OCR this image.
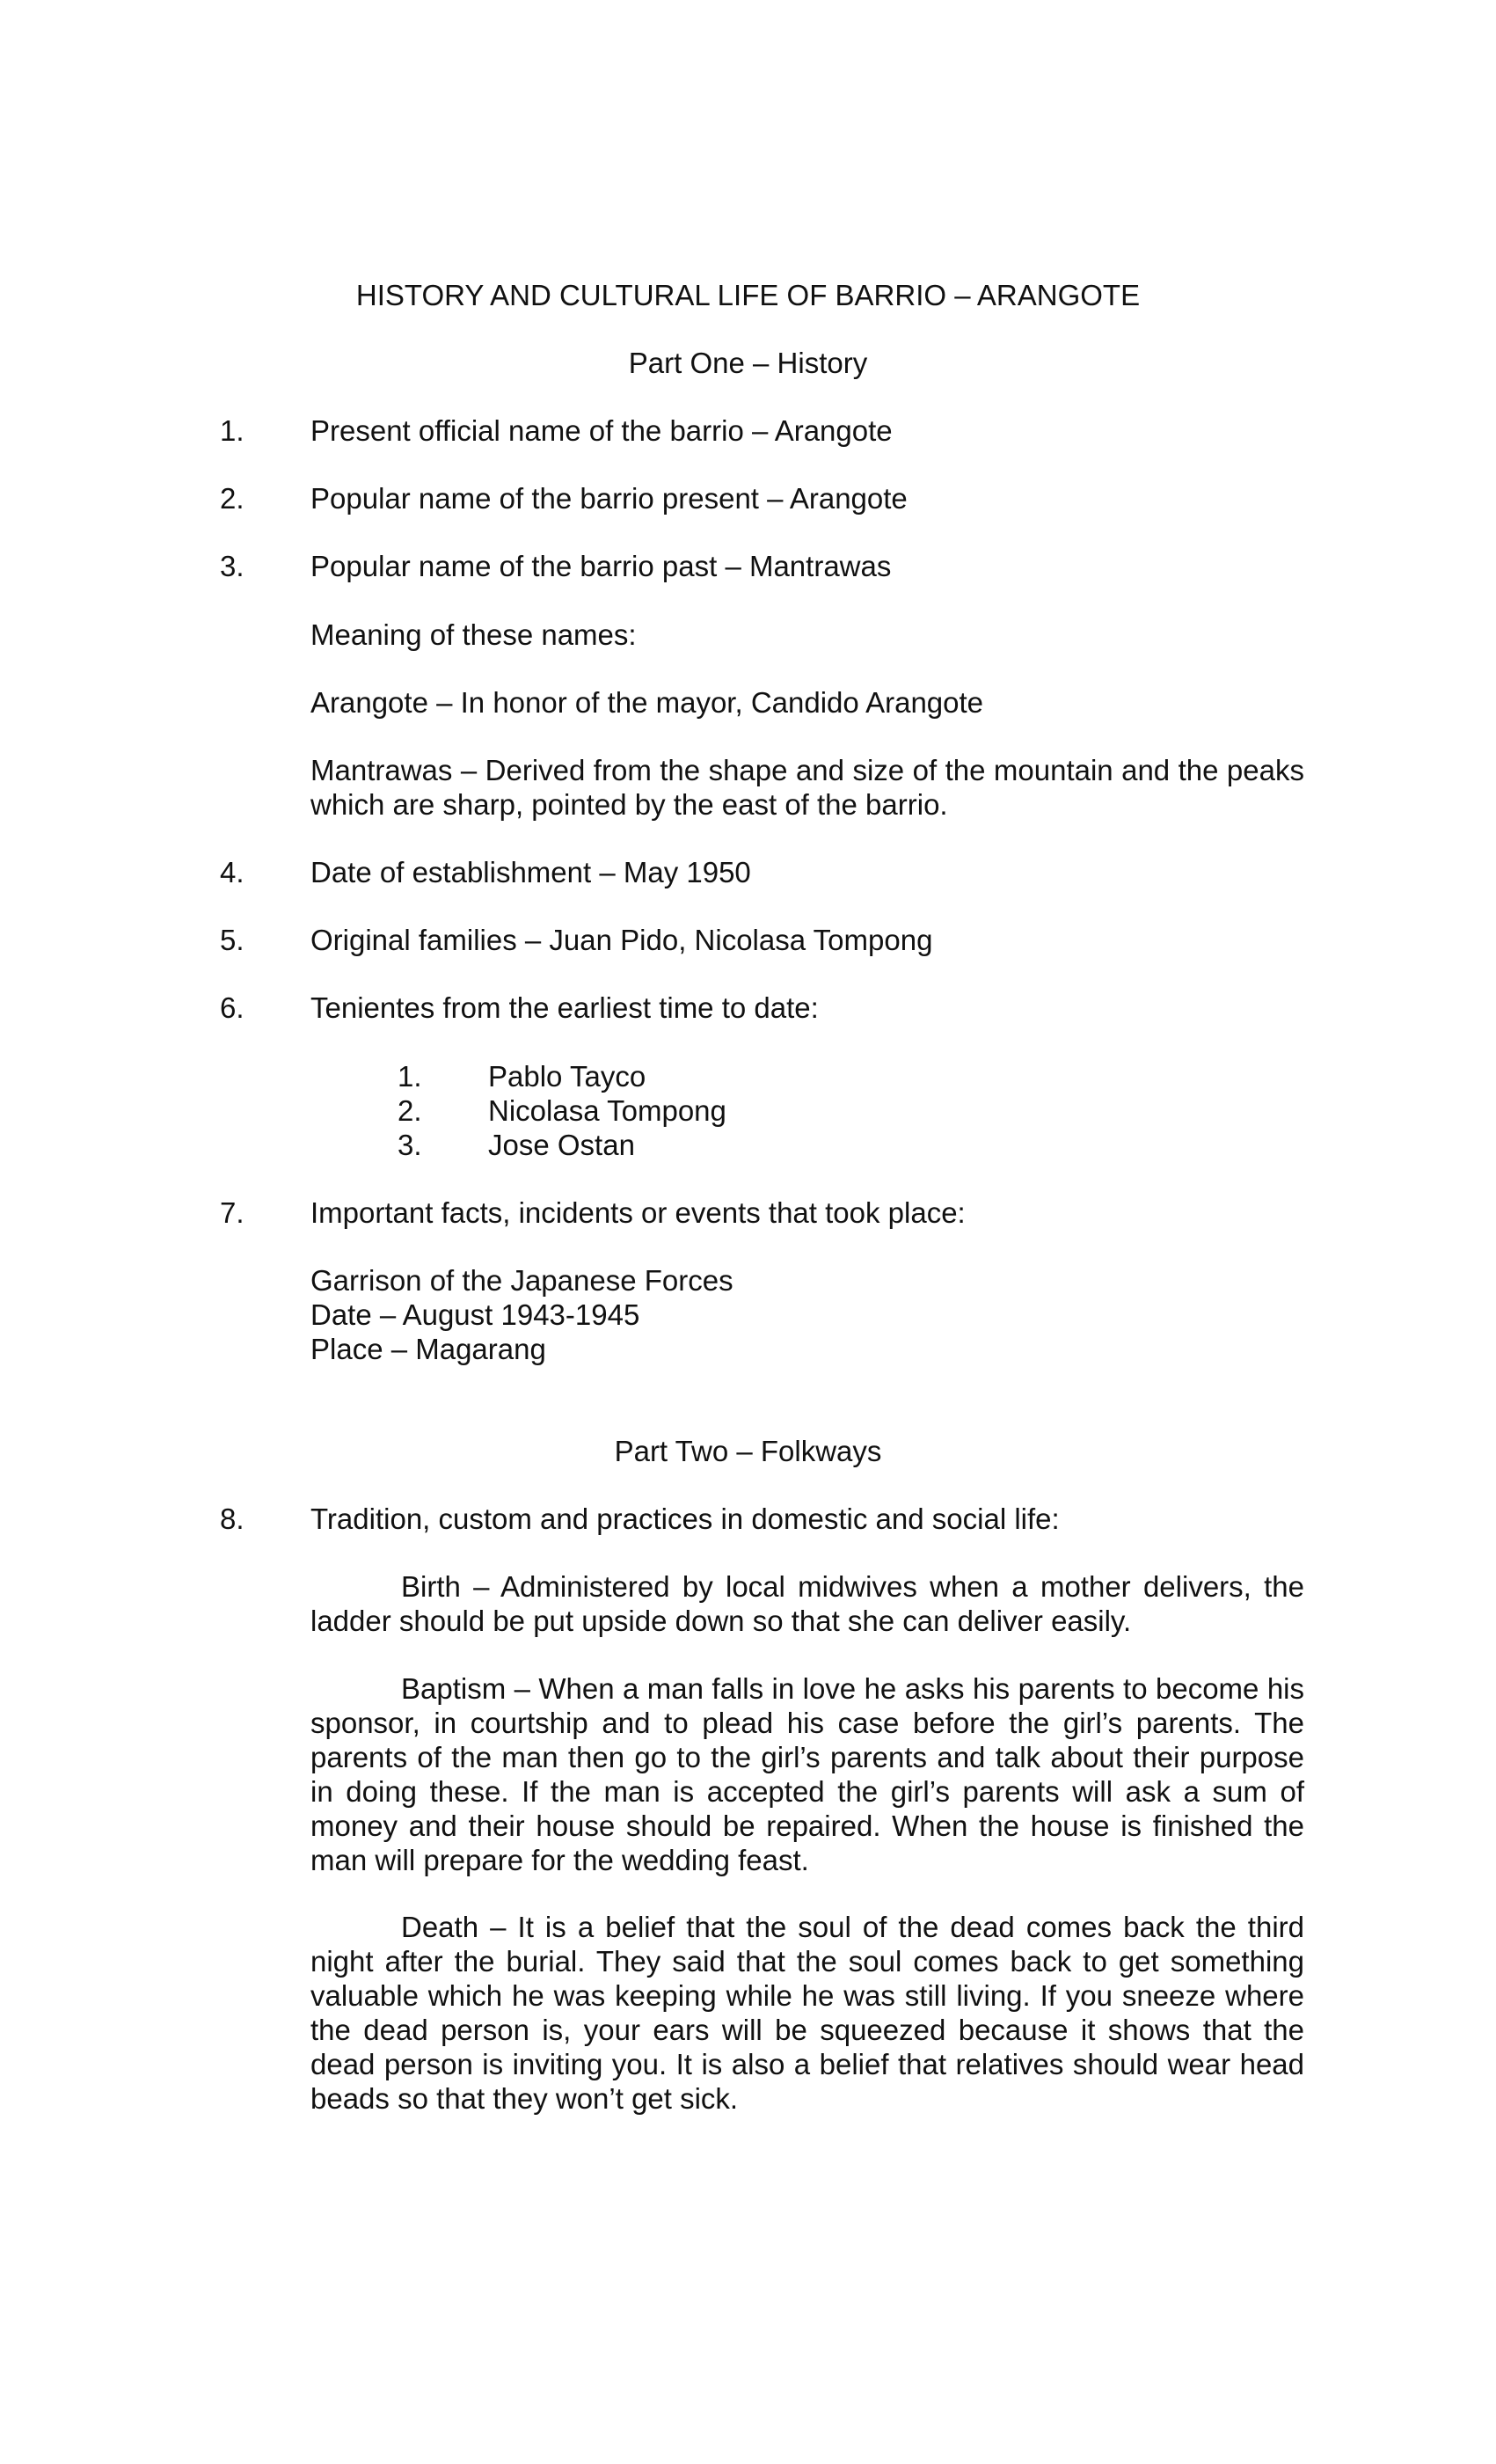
HISTORY AND CULTURAL LIFE OF BARRIO – ARANGOTE
Part One – History
1. Present official name of the barrio – Arangote
2. Popular name of the barrio present – Arangote
3. Popular name of the barrio past – Mantrawas
Meaning of these names:
Arangote – In honor of the mayor, Candido Arangote
Mantrawas – Derived from the shape and size of the mountain and the peaks which are sharp, pointed by the east of the barrio.
4. Date of establishment – May 1950
5. Original families – Juan Pido, Nicolasa Tompong
6. Tenientes from the earliest time to date:
1. Pablo Tayco
2. Nicolasa Tompong
3. Jose Ostan
7. Important facts, incidents or events that took place:
Garrison of the Japanese Forces
Date – August 1943-1945
Place – Magarang
Part Two – Folkways
8. Tradition, custom and practices in domestic and social life:
Birth – Administered by local midwives when a mother delivers, the ladder should be put upside down so that she can deliver easily.
Baptism – When a man falls in love he asks his parents to become his sponsor, in courtship and to plead his case before the girl’s parents. The parents of the man then go to the girl’s parents and talk about their purpose in doing these. If the man is accepted the girl’s parents will ask a sum of money and their house should be repaired. When the house is finished the man will prepare for the wedding feast.
Death – It is a belief that the soul of the dead comes back the third night after the burial. They said that the soul comes back to get something valuable which he was keeping while he was still living. If you sneeze where the dead person is, your ears will be squeezed because it shows that the dead person is inviting you. It is also a belief that relatives should wear head beads so that they won’t get sick.
